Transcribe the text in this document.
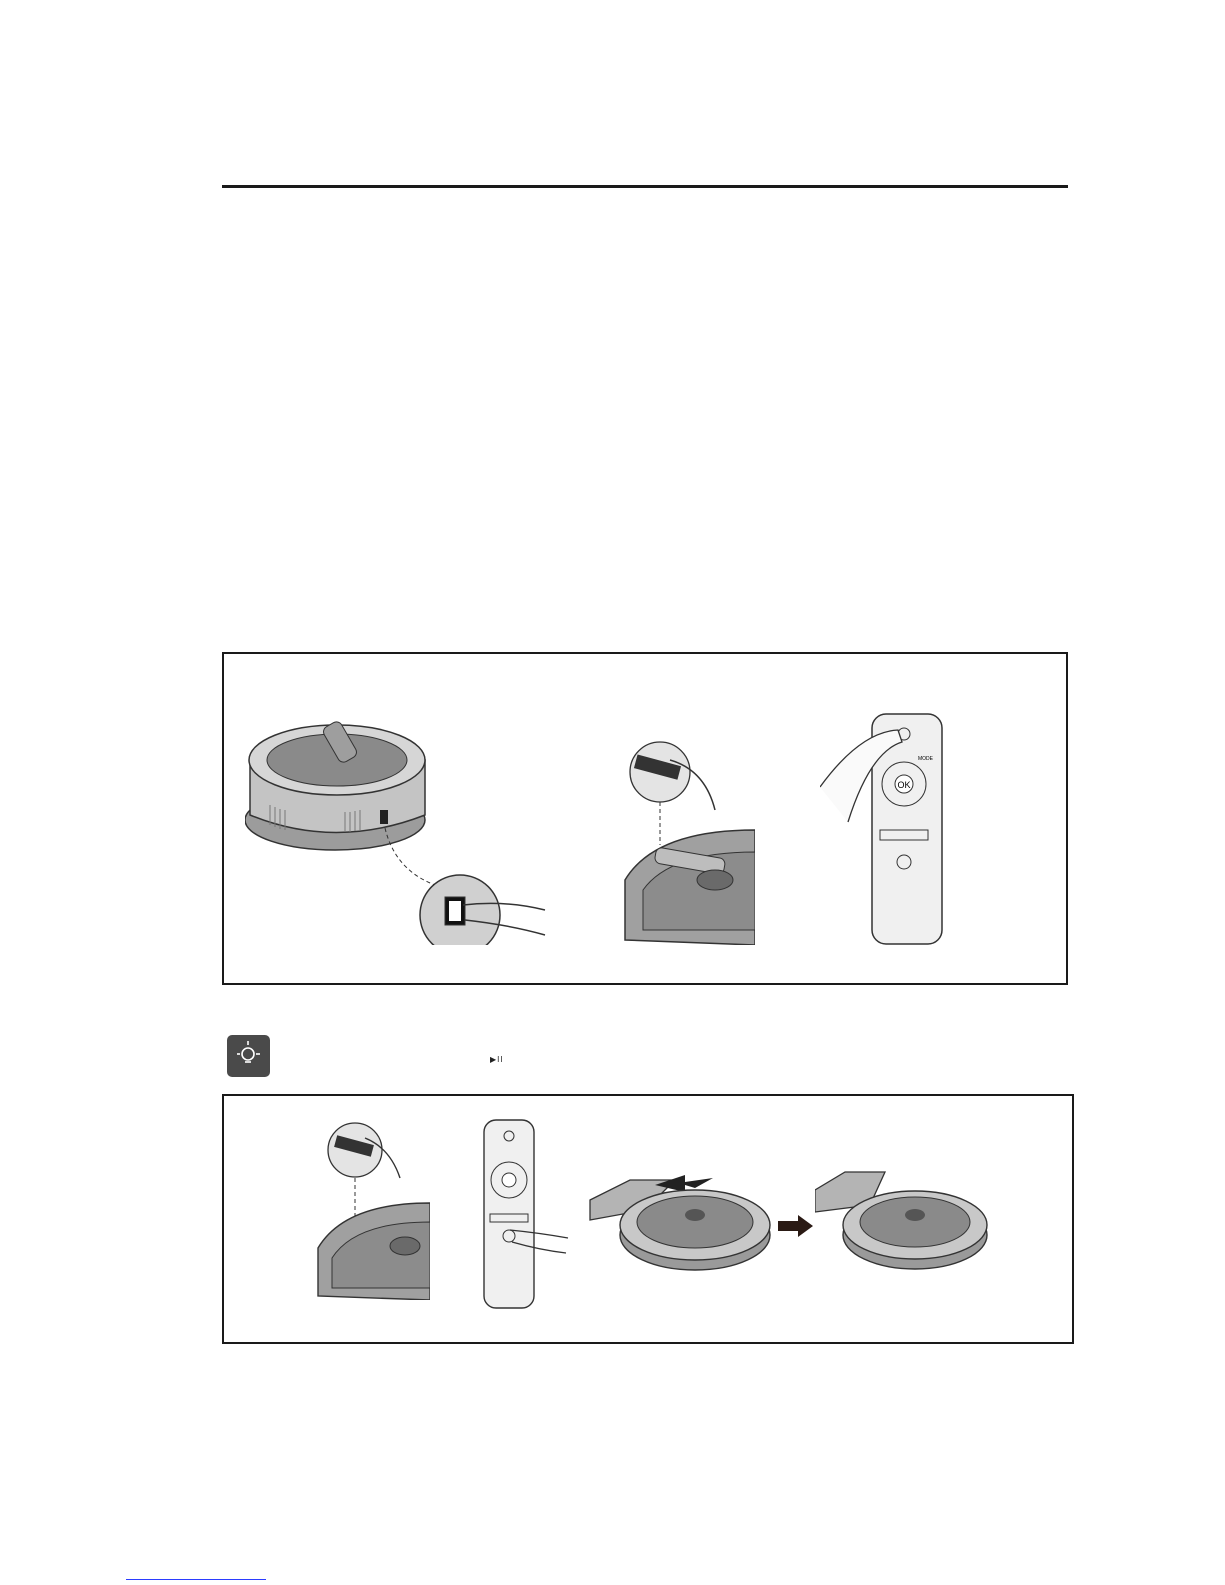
OK
MODE
▶II
